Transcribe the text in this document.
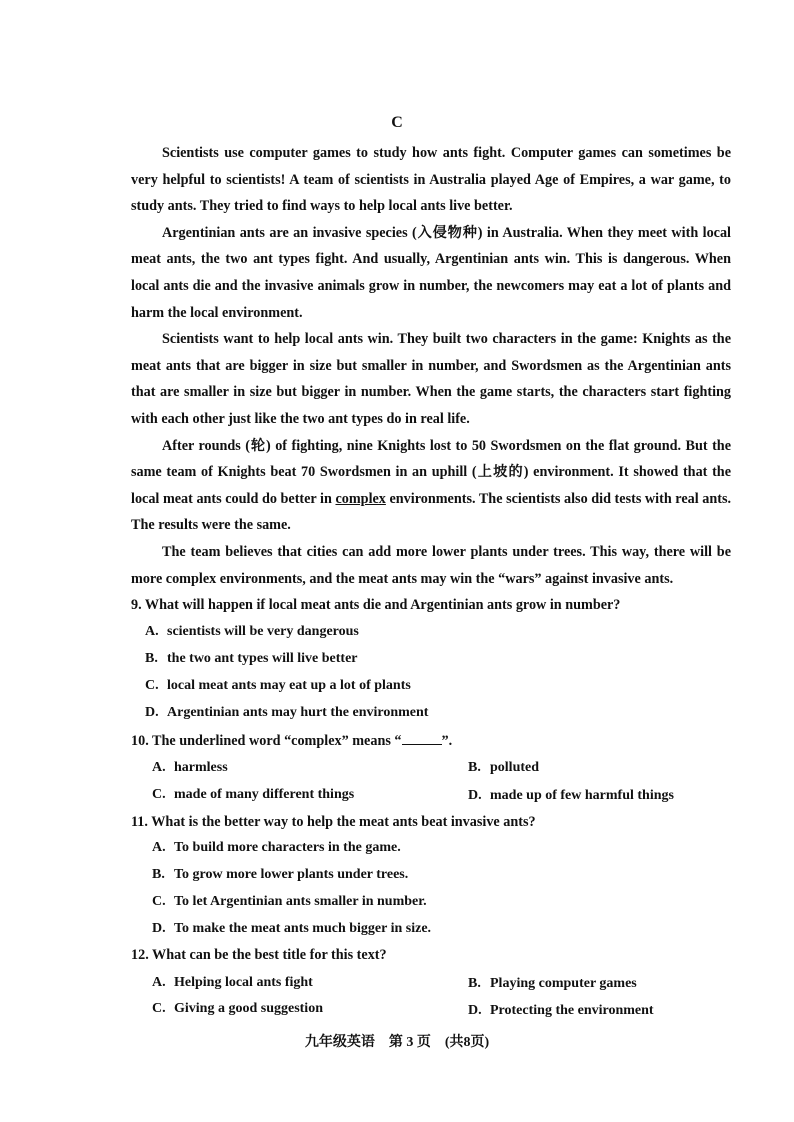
C

Scientists use computer games to study how ants fight. Computer games can sometimes be very helpful to scientists! A team of scientists in Australia played Age of Empires, a war game, to study ants. They tried to find ways to help local ants live better.

Argentinian ants are an invasive species (入侵物种) in Australia. When they meet with local meat ants, the two ant types fight. And usually, Argentinian ants win. This is dangerous. When local ants die and the invasive animals grow in number, the newcomers may eat a lot of plants and harm the local environment.

Scientists want to help local ants win. They built two characters in the game: Knights as the meat ants that are bigger in size but smaller in number, and Swordsmen as the Argentinian ants that are smaller in size but bigger in number. When the game starts, the characters start fighting with each other just like the two ant types do in real life.

After rounds (轮) of fighting, nine Knights lost to 50 Swordsmen on the flat ground. But the same team of Knights beat 70 Swordsmen in an uphill (上坡的) environment. It showed that the local meat ants could do better in complex environments. The scientists also did tests with real ants. The results were the same.

The team believes that cities can add more lower plants under trees. This way, there will be more complex environments, and the meat ants may win the “wars” against invasive ants.

9. What will happen if local meat ants die and Argentinian ants grow in number?
A. scientists will be very dangerous
B. the two ant types will live better
C. local meat ants may eat up a lot of plants
D. Argentinian ants may hurt the environment
10. The underlined word “complex” means “	”.
A. harmless	B. polluted
C. made of many different things	D. made up of few harmful things
11. What is the better way to help the meat ants beat invasive ants?
A. To build more characters in the game.
B. To grow more lower plants under trees.
C. To let Argentinian ants smaller in number.
D. To make the meat ants much bigger in size.
12. What can be the best title for this text?
A. Helping local ants fight	B. Playing computer games
C. Giving a good suggestion	D. Protecting the environment
九年级英语　第 3 页　(共8页)
